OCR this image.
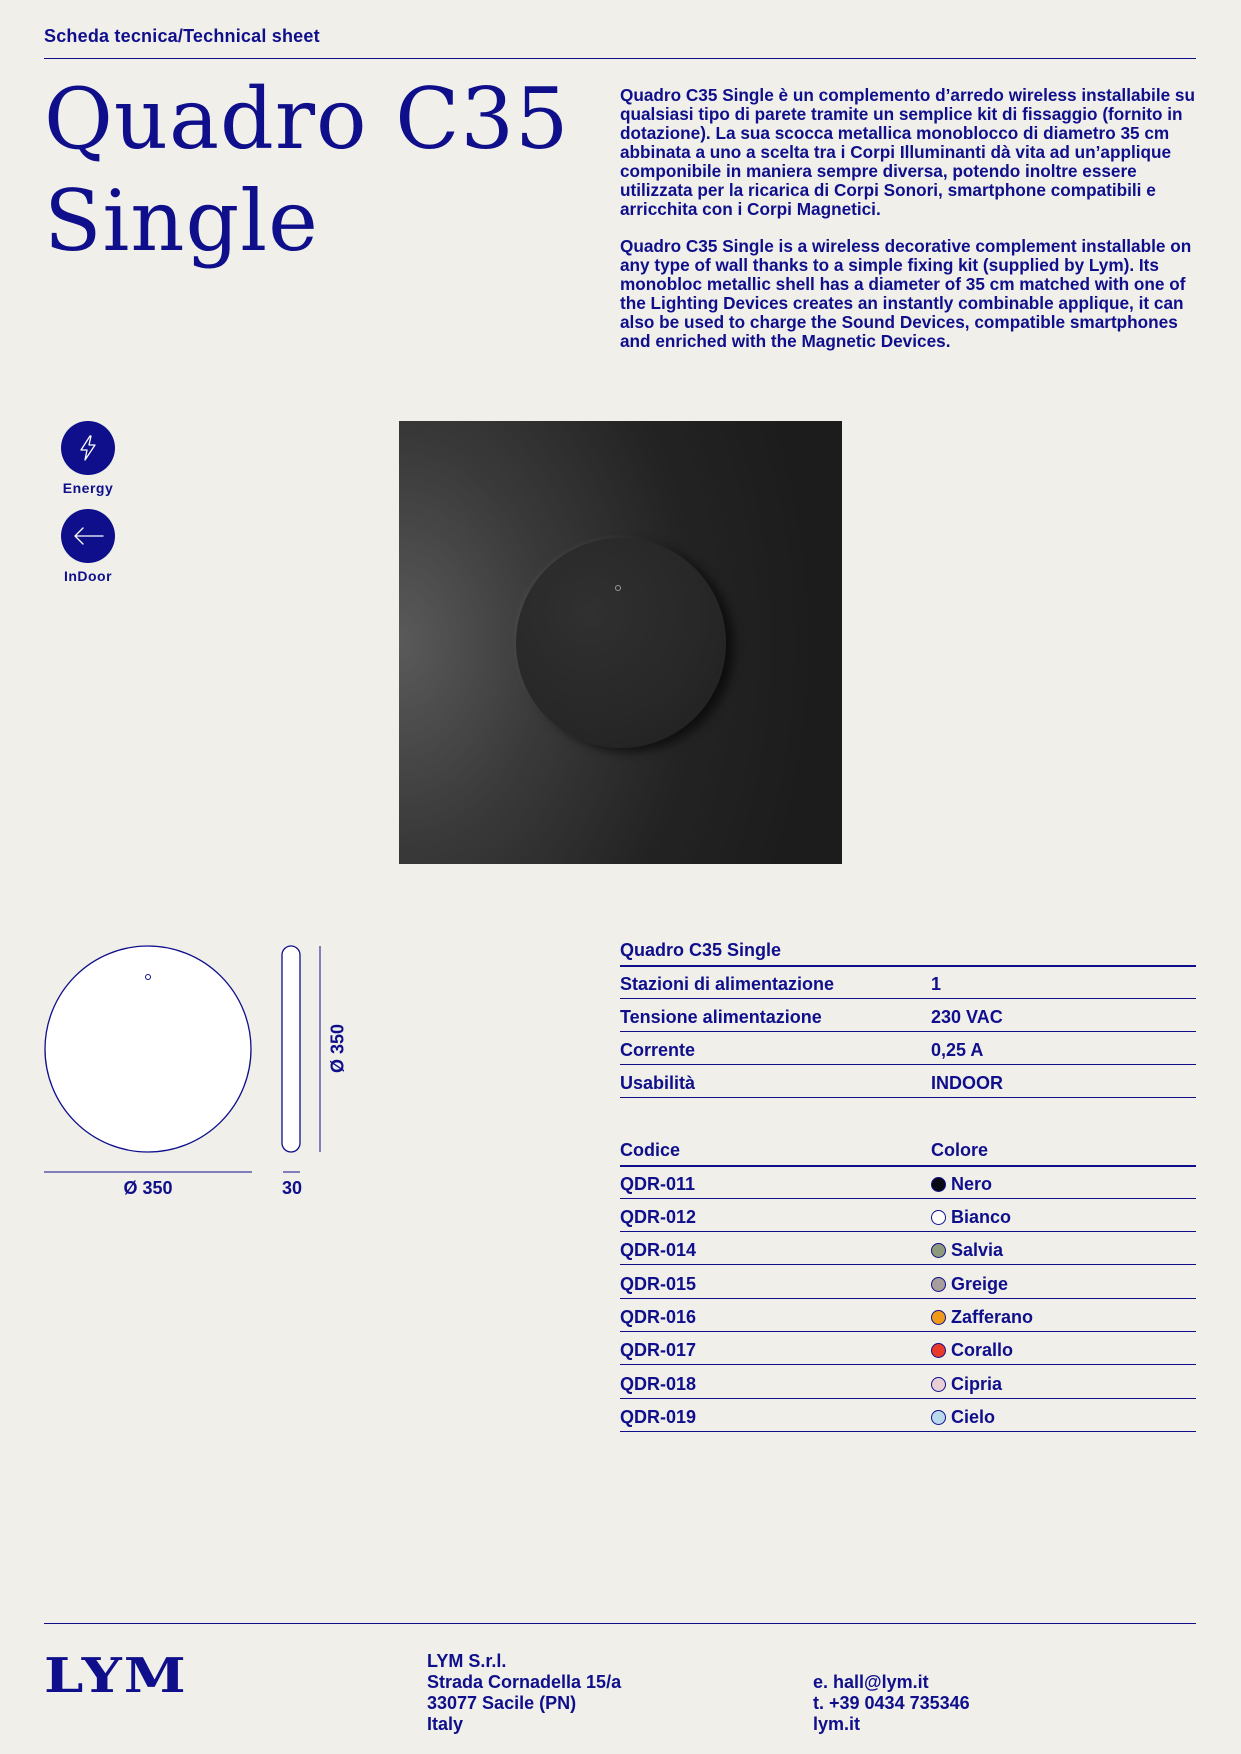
Scheda tecnica/Technical sheet
Quadro C35
Single

Quadro C35 Single è un complemento d’arredo wireless installabile su qualsiasi tipo di parete tramite un semplice kit di fissaggio (fornito in dotazione). La sua scocca metallica monoblocco di diametro 35 cm abbinata a uno a scelta tra i Corpi Illuminanti dà vita ad un’applique componibile in maniera sempre diversa, potendo inoltre essere utilizzata per la ricarica di Corpi Sonori, smartphone compatibili e arricchita con i Corpi Magnetici.

Quadro C35 Single is a wireless decorative complement installable on any type of wall thanks to a simple fixing kit (supplied by Lym). Its monobloc metallic shell has a diameter of 35 cm matched with one of the Lighting Devices creates an instantly combinable applique, it can also be used to charge the Sound Devices, compatible smartphones and enriched with the Magnetic Devices.

Energy
InDoor
Ø 350	30
Ø 350
Quadro C35 Single
Stazioni di alimentazione	1
Tensione alimentazione	230 VAC
Corrente	0,25 A
Usabilità	INDOOR
Codice	Colore
QDR-011	Nero
QDR-012	Bianco
QDR-014	Salvia
QDR-015	Greige
QDR-016	Zafferano
QDR-017	Corallo
QDR-018	Cipria
QDR-019	Cielo
LYM	LYM S.r.l.
Strada Cornadella 15/a
33077 Sacile (PN)
Italy
e. hall@lym.it
t. +39 0434 735346
lym.it
